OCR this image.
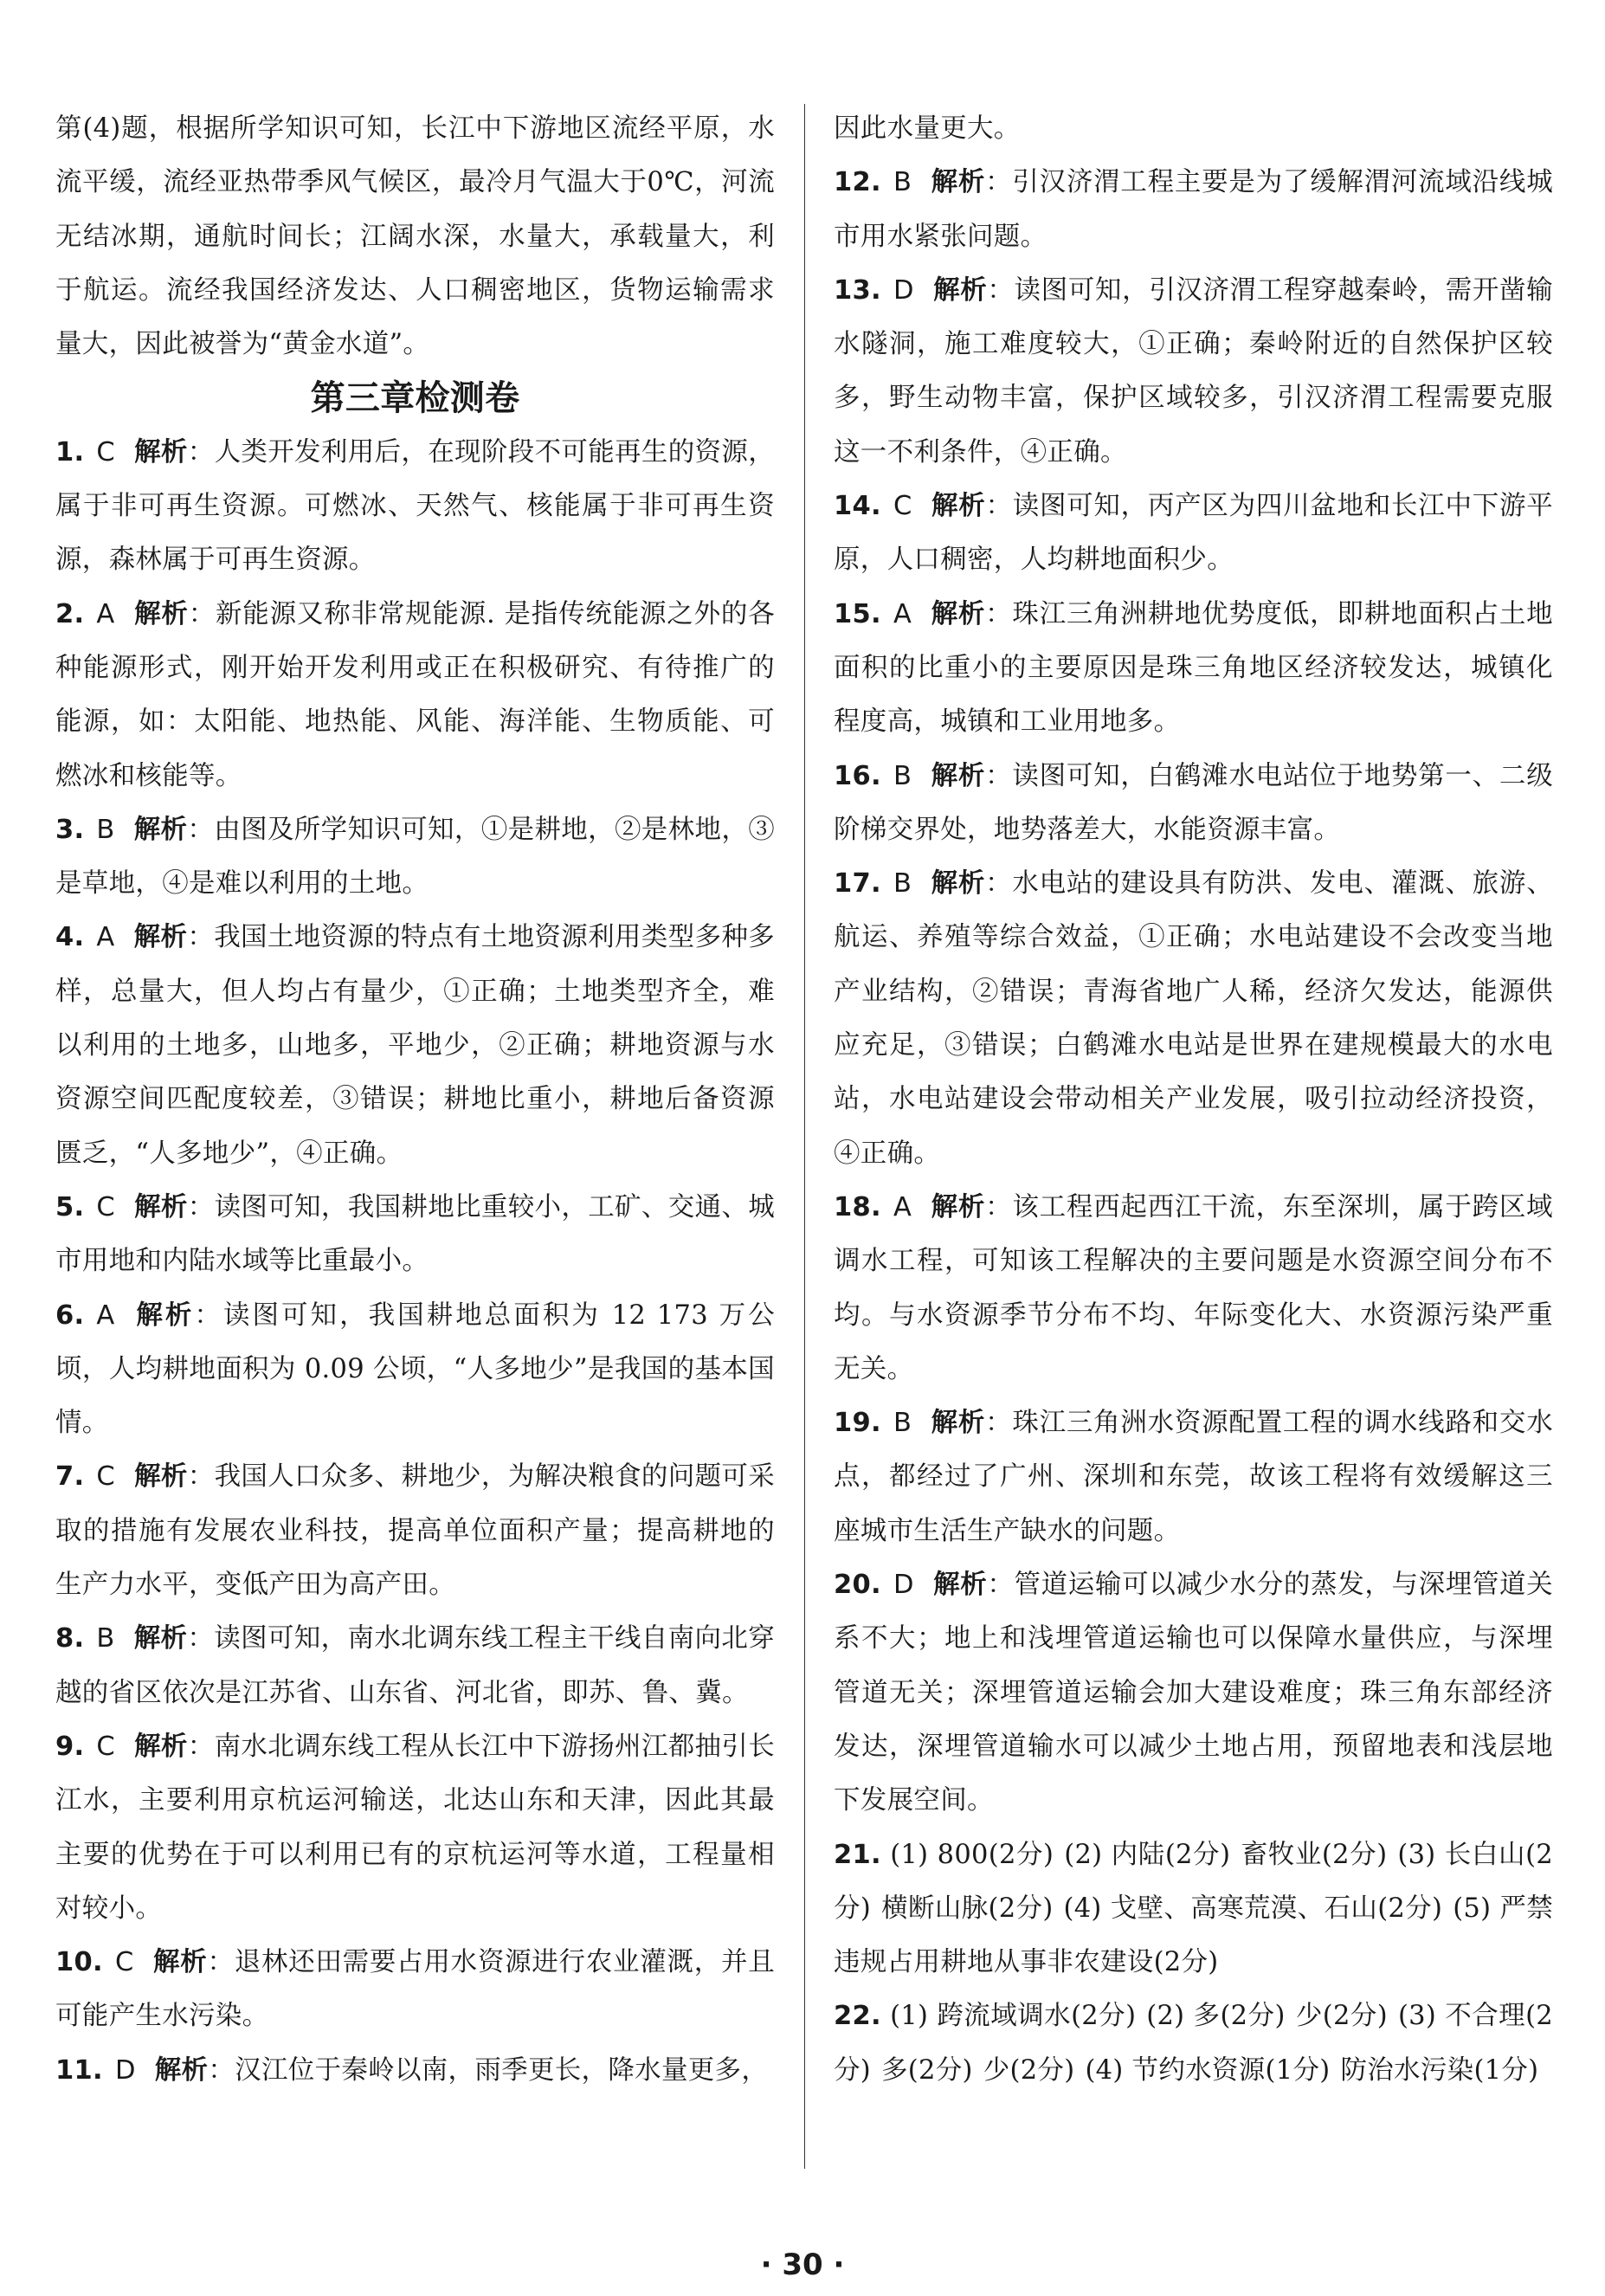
第(4)题，根据所学知识可知，长江中下游地区流经平原，水流平缓，流经亚热带季风气候区，最冷月气温大于0℃，河流无结冰期，通航时间长；江阔水深，水量大，承载量大，利于航运。流经我国经济发达、人口稠密地区，货物运输需求量大，因此被誉为“黄金水道”。

第三章检测卷

1. C 解析：人类开发利用后，在现阶段不可能再生的资源，属于非可再生资源。可燃冰、天然气、核能属于非可再生资源，森林属于可再生资源。

2. A 解析：新能源又称非常规能源. 是指传统能源之外的各种能源形式，刚开始开发利用或正在积极研究、有待推广的能源，如：太阳能、地热能、风能、海洋能、生物质能、可燃冰和核能等。

3. B 解析：由图及所学知识可知，①是耕地，②是林地，③是草地，④是难以利用的土地。

4. A 解析：我国土地资源的特点有土地资源利用类型多种多样，总量大，但人均占有量少，①正确；土地类型齐全，难以利用的土地多，山地多，平地少，②正确；耕地资源与水资源空间匹配度较差，③错误；耕地比重小，耕地后备资源匮乏，“人多地少”，④正确。

5. C 解析：读图可知，我国耕地比重较小，工矿、交通、城市用地和内陆水域等比重最小。

6. A 解析：读图可知，我国耕地总面积为 12 173 万公顷，人均耕地面积为 0.09 公顷，“人多地少”是我国的基本国情。

7. C 解析：我国人口众多、耕地少，为解决粮食的问题可采取的措施有发展农业科技，提高单位面积产量；提高耕地的生产力水平，变低产田为高产田。

8. B 解析：读图可知，南水北调东线工程主干线自南向北穿越的省区依次是江苏省、山东省、河北省，即苏、鲁、冀。

9. C 解析：南水北调东线工程从长江中下游扬州江都抽引长江水，主要利用京杭运河输送，北达山东和天津，因此其最主要的优势在于可以利用已有的京杭运河等水道，工程量相对较小。

10. C 解析：退林还田需要占用水资源进行农业灌溉，并且可能产生水污染。

11. D 解析：汉江位于秦岭以南，雨季更长，降水量更多，

因此水量更大。

12. B 解析：引汉济渭工程主要是为了缓解渭河流域沿线城市用水紧张问题。

13. D 解析：读图可知，引汉济渭工程穿越秦岭，需开凿输水隧洞，施工难度较大，①正确；秦岭附近的自然保护区较多，野生动物丰富，保护区域较多，引汉济渭工程需要克服这一不利条件，④正确。

14. C 解析：读图可知，丙产区为四川盆地和长江中下游平原，人口稠密，人均耕地面积少。

15. A 解析：珠江三角洲耕地优势度低，即耕地面积占土地面积的比重小的主要原因是珠三角地区经济较发达，城镇化程度高，城镇和工业用地多。

16. B 解析：读图可知，白鹤滩水电站位于地势第一、二级阶梯交界处，地势落差大，水能资源丰富。

17. B 解析：水电站的建设具有防洪、发电、灌溉、旅游、航运、养殖等综合效益，①正确；水电站建设不会改变当地产业结构，②错误；青海省地广人稀，经济欠发达，能源供应充足，③错误；白鹤滩水电站是世界在建规模最大的水电站，水电站建设会带动相关产业发展，吸引拉动经济投资，④正确。

18. A 解析：该工程西起西江干流，东至深圳，属于跨区域调水工程，可知该工程解决的主要问题是水资源空间分布不均。与水资源季节分布不均、年际变化大、水资源污染严重无关。

19. B 解析：珠江三角洲水资源配置工程的调水线路和交水点，都经过了广州、深圳和东莞，故该工程将有效缓解这三座城市生活生产缺水的问题。

20. D 解析：管道运输可以减少水分的蒸发，与深埋管道关系不大；地上和浅埋管道运输也可以保障水量供应，与深埋管道无关；深埋管道运输会加大建设难度；珠三角东部经济发达，深埋管道输水可以减少土地占用，预留地表和浅层地下发展空间。

21. (1) 800(2分) (2) 内陆(2分) 畜牧业(2分) (3) 长白山(2分) 横断山脉(2分) (4) 戈壁、高寒荒漠、石山(2分) (5) 严禁违规占用耕地从事非农建设(2分)

22. (1) 跨流域调水(2分) (2) 多(2分) 少(2分) (3) 不合理(2分) 多(2分) 少(2分) (4) 节约水资源(1分) 防治水污染(1分)

· 30 ·
